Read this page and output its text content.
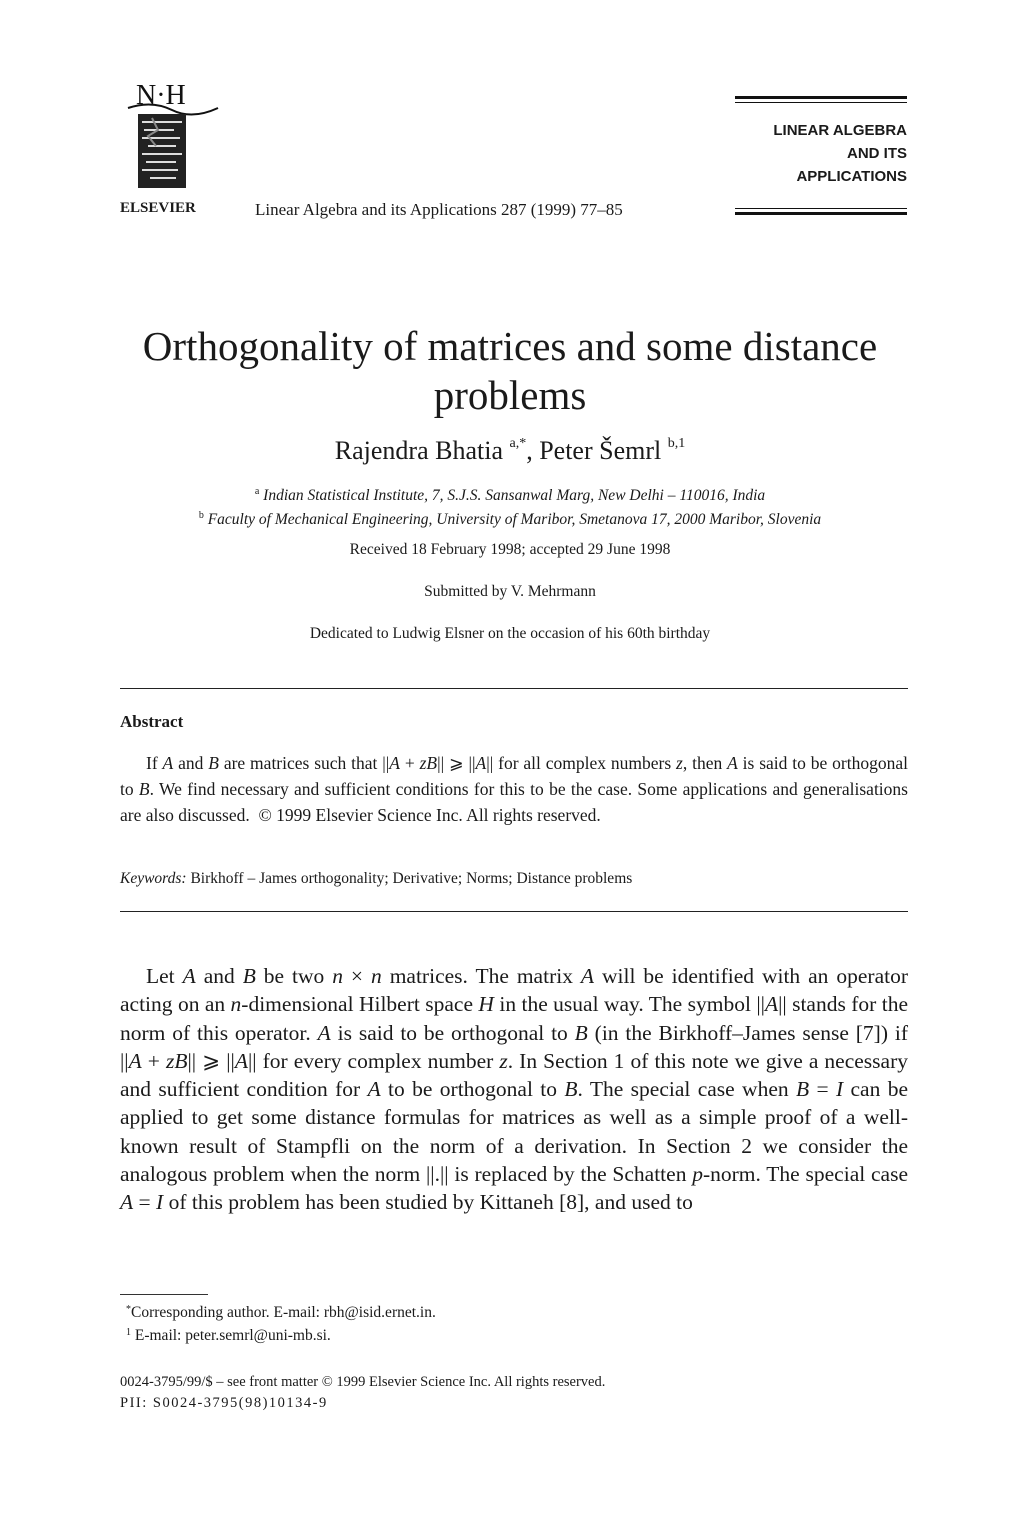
N·H
ELSEVIER	Linear Algebra and its Applications 287 (1999) 77–85
LINEAR ALGEBRA
AND ITS
APPLICATIONS
Orthogonality of matrices and some distance problems
Rajendra Bhatia $^{a,*}$, Peter Šemrl $^{b,1}$
$^a$ Indian Statistical Institute, 7, S.J.S. Sansanwal Marg, New Delhi – 110016, India
$^b$ Faculty of Mechanical Engineering, University of Maribor, Smetanova 17, 2000 Maribor, Slovenia
Received 18 February 1998; accepted 29 June 1998
Submitted by V. Mehrmann
Dedicated to Ludwig Elsner on the occasion of his 60th birthday
Abstract

If A and B are matrices such that ||A + zB|| ⩾ ||A|| for all complex numbers z, then A is said to be orthogonal to B. We find necessary and sufficient conditions for this to be the case. Some applications and generalisations are also discussed.  © 1999 Elsevier Science Inc. All rights reserved.

Keywords: Birkhoff – James orthogonality; Derivative; Norms; Distance problems

Let A and B be two n × n matrices. The matrix A will be identified with an operator acting on an n-dimensional Hilbert space H in the usual way. The symbol ||A|| stands for the norm of this operator. A is said to be orthogonal to B (in the Birkhoff–James sense [7]) if ||A + zB|| ⩾ ||A|| for every complex number z. In Section 1 of this note we give a necessary and sufficient condition for A to be orthogonal to B. The special case when B = I can be applied to get some distance formulas for matrices as well as a simple proof of a well-known result of Stampfli on the norm of a derivation. In Section 2 we consider the analogous problem when the norm ||.|| is replaced by the Schatten p-norm. The special case A = I of this problem has been studied by Kittaneh [8], and used to

*Corresponding author. E-mail: rbh@isid.ernet.in.
$^1$ E-mail: peter.semrl@uni-mb.si.
0024-3795/99/$ – see front matter © 1999 Elsevier Science Inc. All rights reserved.
PII: S0024-3795(98)10134-9
